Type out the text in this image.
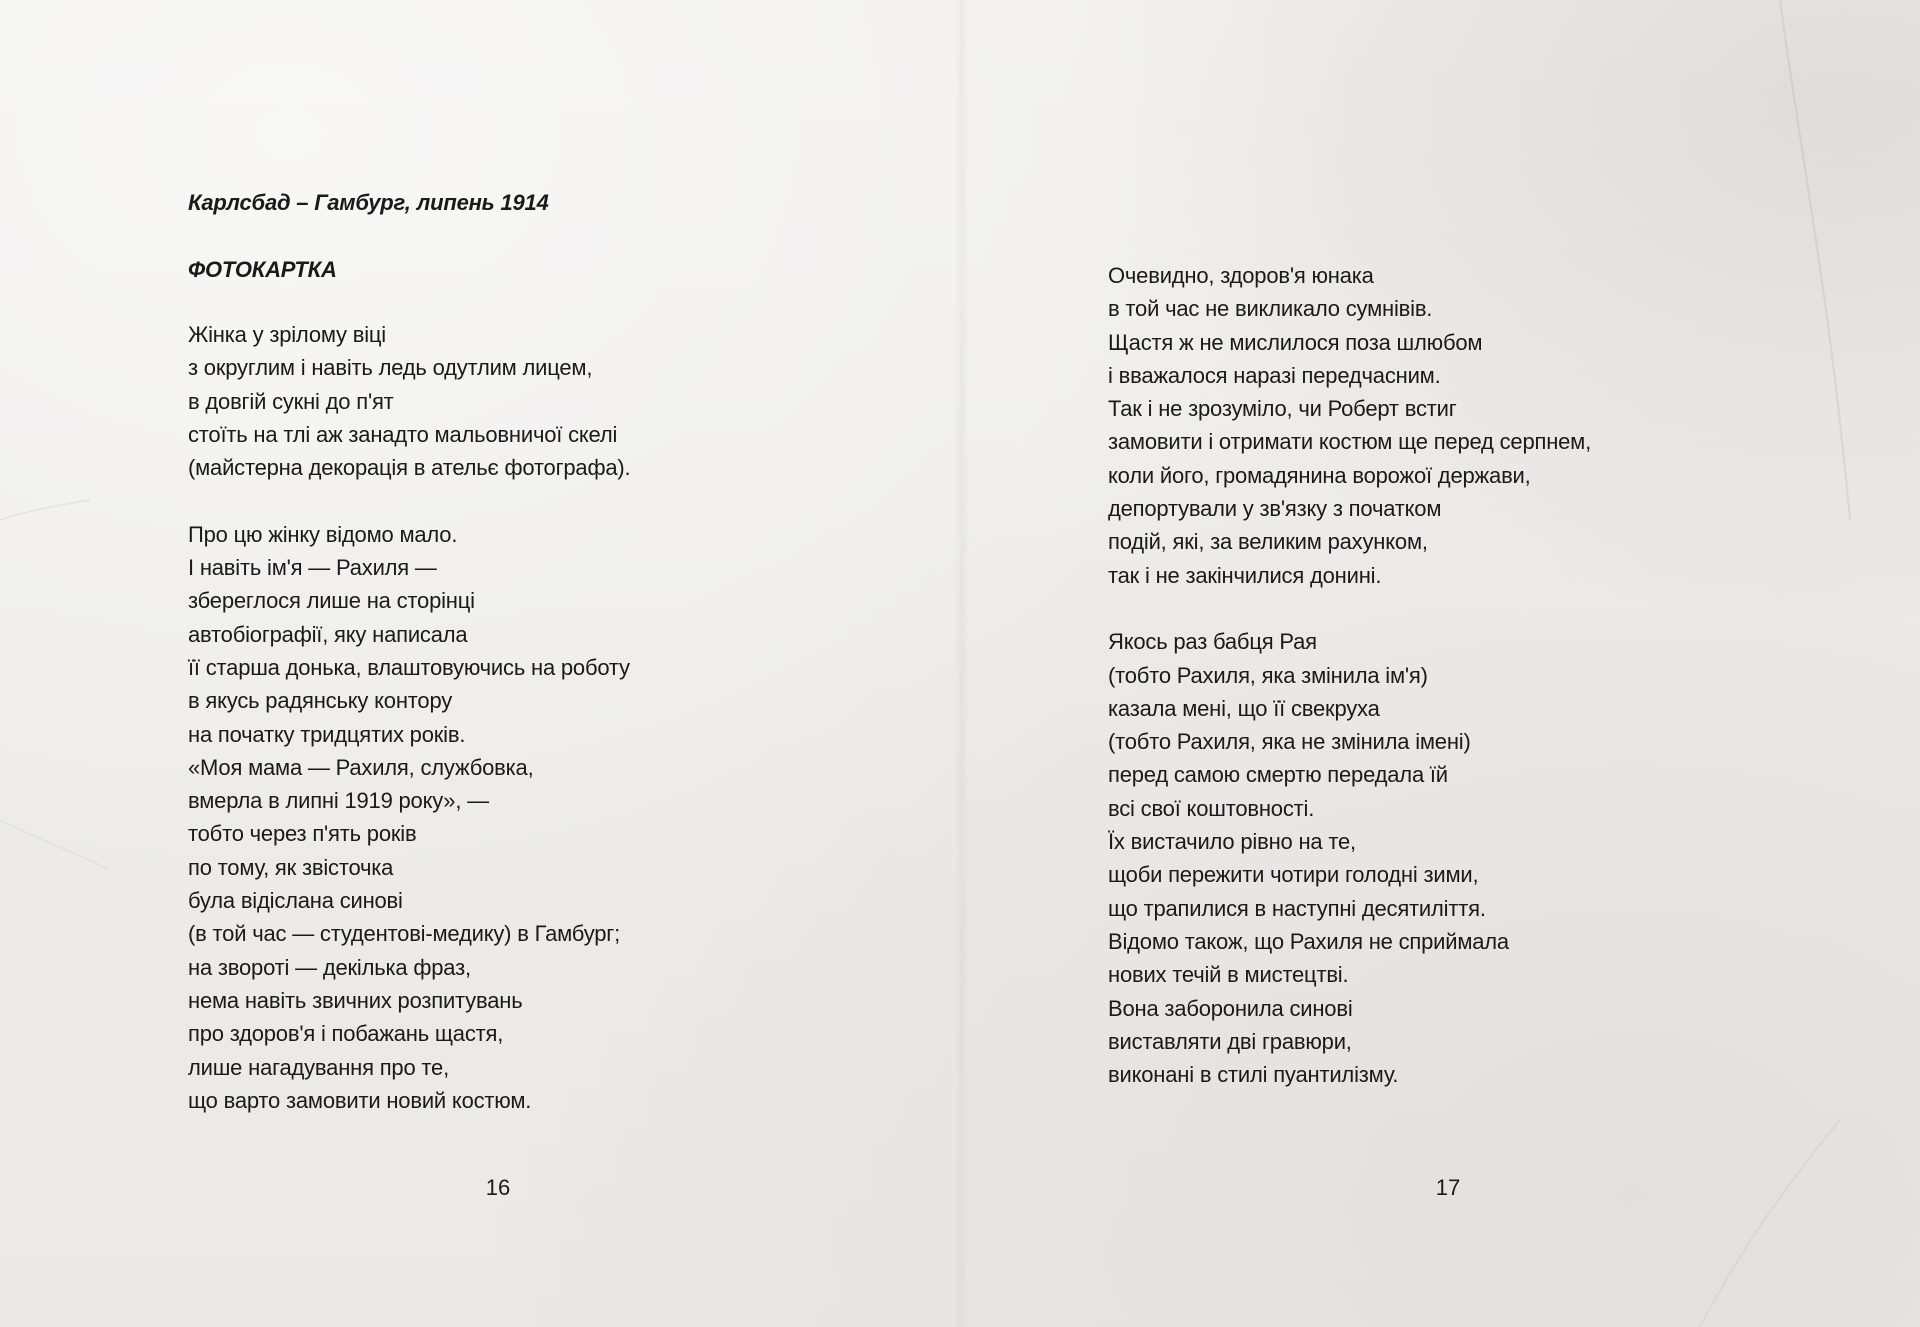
Карлсбад – Гамбург, липень 1914
ФОТОКАРТКА
Жінка у зрілому віці
з округлим і навіть ледь одутлим лицем,
в довгій сукні до п'ят
стоїть на тлі аж занадто мальовничої скелі
(майстерна декорація в ательє фотографа).
Про цю жінку відомо мало.
І навіть ім'я — Рахиля —
збереглося лише на сторінці
автобіографії, яку написала
її старша донька, влаштовуючись на роботу
в якусь радянську контору
на початку тридцятих років.
«Моя мама — Рахиля, службовка,
вмерла в липні 1919 року», —
тобто через п'ять років
по тому, як звісточка
була відіслана синові
(в той час — студентові-медику) в Гамбург;
на звороті — декілька фраз,
нема навіть звичних розпитувань
про здоров'я і побажань щастя,
лише нагадування про те,
що варто замовити новий костюм.
16
Очевидно, здоров'я юнака
в той час не викликало сумнівів.
Щастя ж не мислилося поза шлюбом
і вважалося наразі передчасним.
Так і не зрозуміло, чи Роберт встиг
замовити і отримати костюм ще перед серпнем,
коли його, громадянина ворожої держави,
депортували у зв'язку з початком
подій, які, за великим рахунком,
так і не закінчилися донині.
Якось раз бабця Рая
(тобто Рахиля, яка змінила ім'я)
казала мені, що її свекруха
(тобто Рахиля, яка не змінила імені)
перед самою смертю передала їй
всі свої коштовності.
Їх вистачило рівно на те,
щоби пережити чотири голодні зими,
що трапилися в наступні десятиліття.
Відомо також, що Рахиля не сприймала
нових течій в мистецтві.
Вона заборонила синові
виставляти дві гравюри,
виконані в стилі пуантилізму.
17
